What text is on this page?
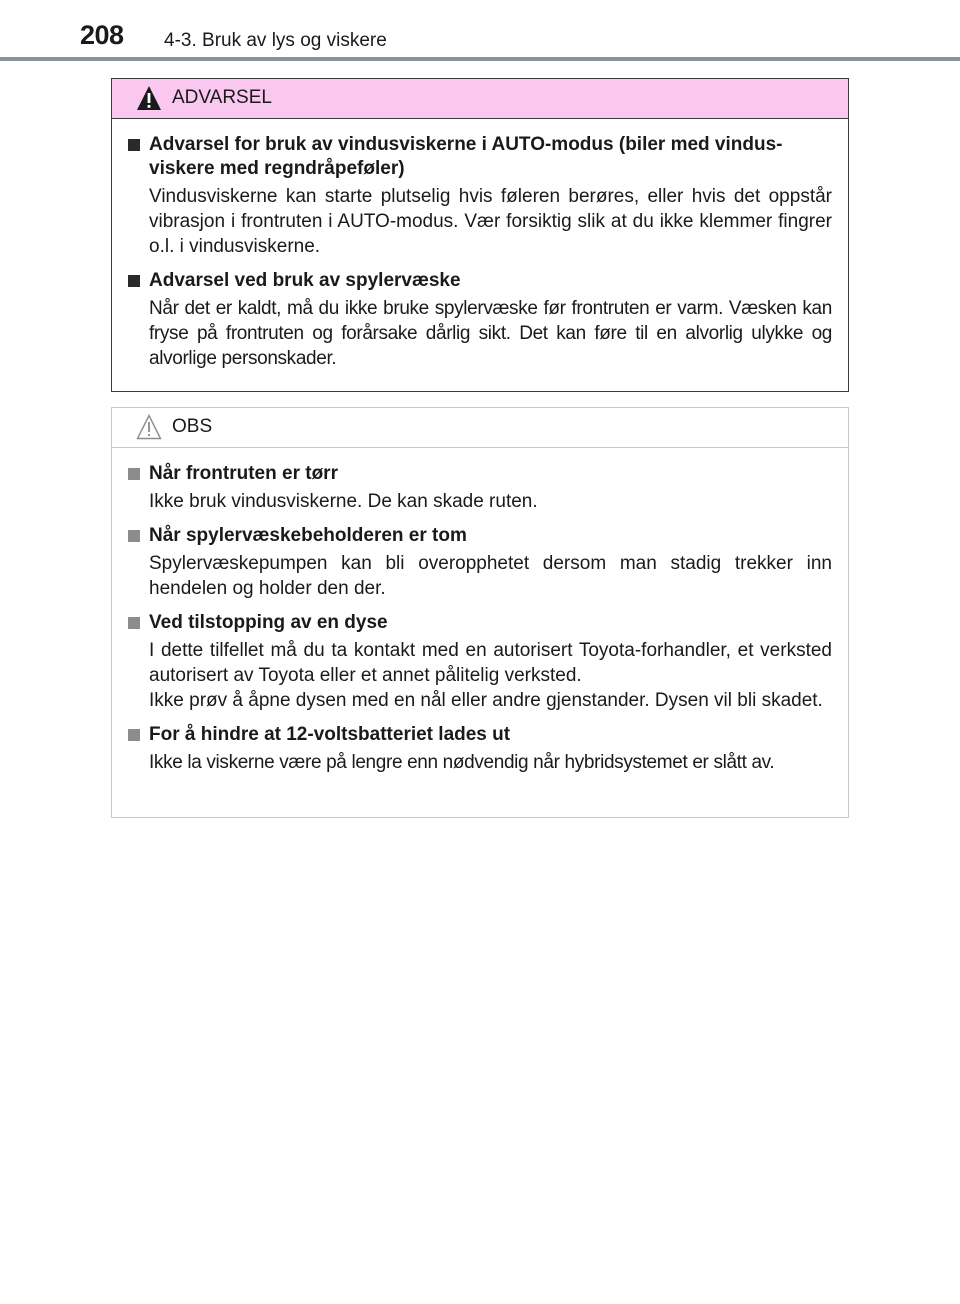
208 4-3. Bruk av lys og viskere
ADVARSEL
Advarsel for bruk av vindusviskerne i AUTO-modus (biler med vindus-viskere med regndråpeføler)

Vindusviskerne kan starte plutselig hvis føleren berøres, eller hvis det oppstår vibrasjon i frontruten i AUTO-modus. Vær forsiktig slik at du ikke klemmer fingrer o.l. i vindusviskerne.

Advarsel ved bruk av spylervæske

Når det er kaldt, må du ikke bruke spylervæske før frontruten er varm. Væsken kan fryse på frontruten og forårsake dårlig sikt. Det kan føre til en alvorlig ulykke og alvorlige personskader.

OBS
Når frontruten er tørr

Ikke bruk vindusviskerne. De kan skade ruten.

Når spylervæskebeholderen er tom

Spylervæskepumpen kan bli overopphetet dersom man stadig trekker inn hendelen og holder den der.

Ved tilstopping av en dyse

I dette tilfellet må du ta kontakt med en autorisert Toyota-forhandler, et verksted autorisert av Toyota eller et annet pålitelig verksted.

Ikke prøv å åpne dysen med en nål eller andre gjenstander. Dysen vil bli skadet.

For å hindre at 12-voltsbatteriet lades ut

Ikke la viskerne være på lengre enn nødvendig når hybridsystemet er slått av.
